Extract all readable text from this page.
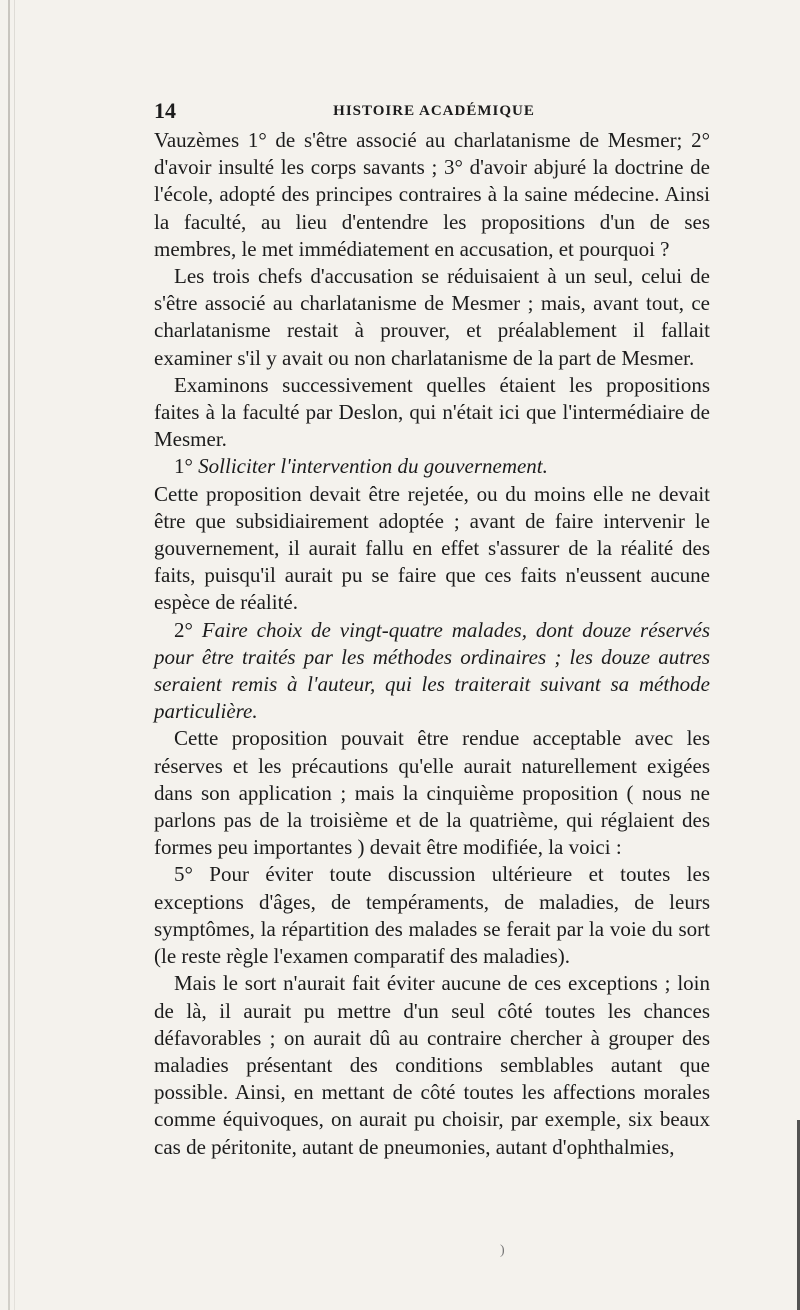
14	HISTOIRE ACADÉMIQUE

Vauzèmes 1° de s'être associé au charlatanisme de Mesmer; 2° d'avoir insulté les corps savants ; 3° d'avoir abjuré la doctrine de l'école, adopté des principes contraires à la saine médecine. Ainsi la faculté, au lieu d'entendre les propositions d'un de ses membres, le met immédiatement en accusation, et pourquoi ?

Les trois chefs d'accusation se réduisaient à un seul, celui de s'être associé au charlatanisme de Mesmer ; mais, avant tout, ce charlatanisme restait à prouver, et préalablement il fallait examiner s'il y avait ou non charlatanisme de la part de Mesmer.

Examinons successivement quelles étaient les propositions faites à la faculté par Deslon, qui n'était ici que l'intermédiaire de Mesmer.

1° Solliciter l'intervention du gouvernement.

Cette proposition devait être rejetée, ou du moins elle ne devait être que subsidiairement adoptée ; avant de faire intervenir le gouvernement, il aurait fallu en effet s'assurer de la réalité des faits, puisqu'il aurait pu se faire que ces faits n'eussent aucune espèce de réalité.

2° Faire choix de vingt-quatre malades, dont douze réservés pour être traités par les méthodes ordinaires ; les douze autres seraient remis à l'auteur, qui les traiterait suivant sa méthode particulière.

Cette proposition pouvait être rendue acceptable avec les réserves et les précautions qu'elle aurait naturellement exigées dans son application ; mais la cinquième proposition ( nous ne parlons pas de la troisième et de la quatrième, qui réglaient des formes peu importantes ) devait être modifiée, la voici :

5° Pour éviter toute discussion ultérieure et toutes les exceptions d'âges, de tempéraments, de maladies, de leurs symptômes, la répartition des malades se ferait par la voie du sort (le reste règle l'examen comparatif des maladies).

Mais le sort n'aurait fait éviter aucune de ces exceptions ; loin de là, il aurait pu mettre d'un seul côté toutes les chances défavorables ; on aurait dû au contraire chercher à grouper des maladies présentant des conditions semblables autant que possible. Ainsi, en mettant de côté toutes les affections morales comme équivoques, on aurait pu choisir, par exemple, six beaux cas de péritonite, autant de pneumonies, autant d'ophthalmies,

)
